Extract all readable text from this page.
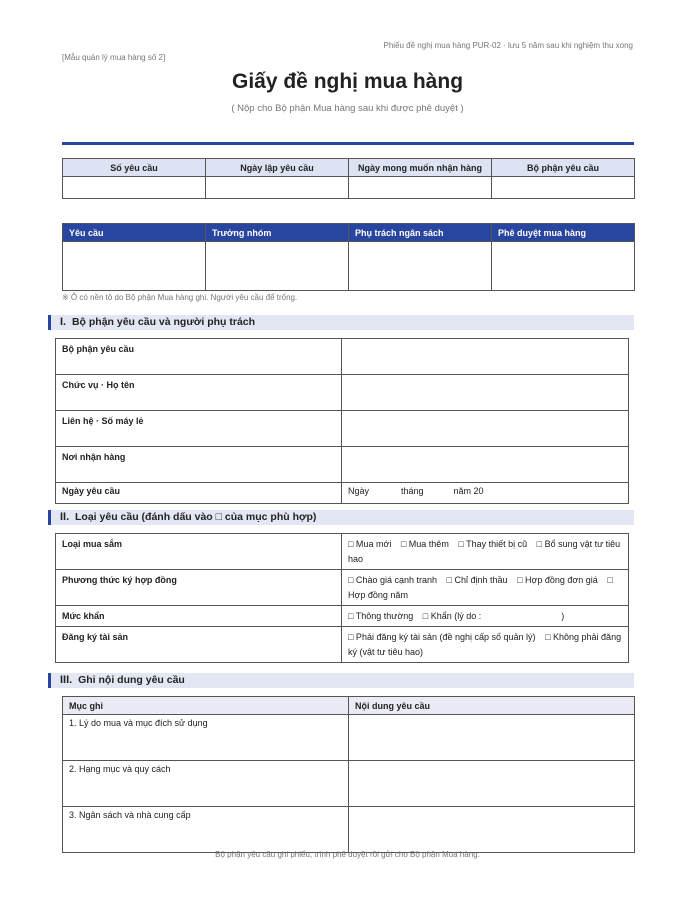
Phiếu đề nghị mua hàng PUR-02 · lưu 5 năm sau khi nghiệm thu xong
[Mẫu quản lý mua hàng số 2]
Giấy đề nghị mua hàng
( Nộp cho Bộ phận Mua hàng sau khi được phê duyệt )
Số yêu cầu	Ngày lập yêu cầu	Ngày mong muốn nhận hàng	Bộ phận yêu cầu

Yêu cầu	Trưởng nhóm	Phụ trách ngân sách	Phê duyệt mua hàng

※ Ô có nền tô do Bộ phận Mua hàng ghi. Người yêu cầu để trống.
I. Bộ phận yêu cầu và người phụ trách
Bộ phận yêu cầu	
Chức vụ · Họ tên	
Liên hệ · Số máy lẻ	
Nơi nhận hàng	
Ngày yêu cầu	Ngày tháng năm 20
II. Loại yêu cầu (đánh dấu vào □ của mục phù hợp)
Loại mua sắm	□ Mua mới □ Mua thêm □ Thay thiết bị cũ □ Bổ sung vật tư tiêu hao
Phương thức ký hợp đồng	□ Chào giá cạnh tranh □ Chỉ định thầu □ Hợp đồng đơn giá □ Hợp đồng năm
Mức khẩn	□ Thông thường □ Khẩn (lý do : )
Đăng ký tài sản	□ Phải đăng ký tài sản (đề nghị cấp số quản lý) □ Không phải đăng ký (vật tư tiêu hao)
III. Ghi nội dung yêu cầu
Mục ghi	Nội dung yêu cầu
1. Lý do mua và mục đích sử dụng	
2. Hạng mục và quy cách	
3. Ngân sách và nhà cung cấp	
Bộ phận yêu cầu ghi phiếu, trình phê duyệt rồi gửi cho Bộ phận Mua hàng.
